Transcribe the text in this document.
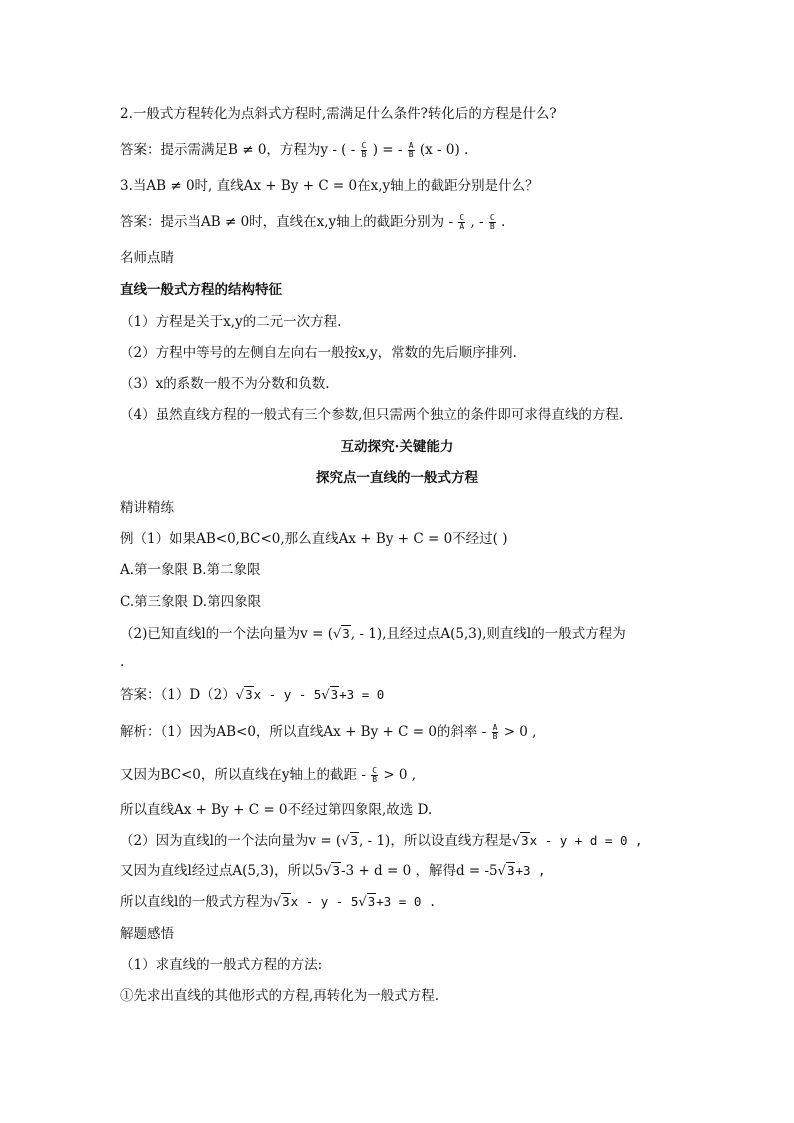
2.一般式方程转化为点斜式方程时,需满足什么条件?转化后的方程是什么?
答案：提示需满足B ≠ 0，方程为y - ( - $\frac{C}{B}$ ) = - $\frac{A}{B} (x - 0)$ .
3.当AB ≠ 0时, 直线Ax + By + C = 0在x,y轴上的截距分别是什么？
答案：提示当AB ≠ 0时，直线在x,y轴上的截距分别为 - $\frac{C}{A}$ , - $\frac{C}{B}$ .
名师点睛
直线一般式方程的结构特征
（1）方程是关于x,y的二元一次方程.
（2）方程中等号的左侧自左向右一般按x,y，常数的先后顺序排列.
（3）x的系数一般不为分数和负数.
（4）虽然直线方程的一般式有三个参数,但只需两个独立的条件即可求得直线的方程.
互动探究·关键能力
探究点一直线的一般式方程
精讲精练
例（1）如果AB<0,BC<0,那么直线Ax + By + C = 0不经过( )
A.第一象限 B.第二象限
C.第三象限 D.第四象限
（2)已知直线l的一个法向量为v = (√3, - 1),且经过点A(5,3),则直线l的一般式方程为
.
答案：（1）D（2）√3x - y - 5√3+3 = 0
解析：（1）因为AB<0，所以直线Ax + By + C = 0的斜率 - $\frac{A}{B} > 0$ ,
又因为BC<0，所以直线在y轴上的截距 - $\frac{C}{B} > 0$ ,
所以直线Ax + By + C = 0不经过第四象限,故选 D.
（2）因为直线l的一个法向量为v = (√3, - 1)，所以设直线方程是√3x - y + d = 0 ,
又因为直线l经过点A(5,3)，所以5√3-3 + d = 0 ，解得d = -5√3+3 ,
所以直线l的一般式方程为√3x - y - 5√3+3 = 0 .
解题感悟
（1）求直线的一般式方程的方法:
①先求出直线的其他形式的方程,再转化为一般式方程.
